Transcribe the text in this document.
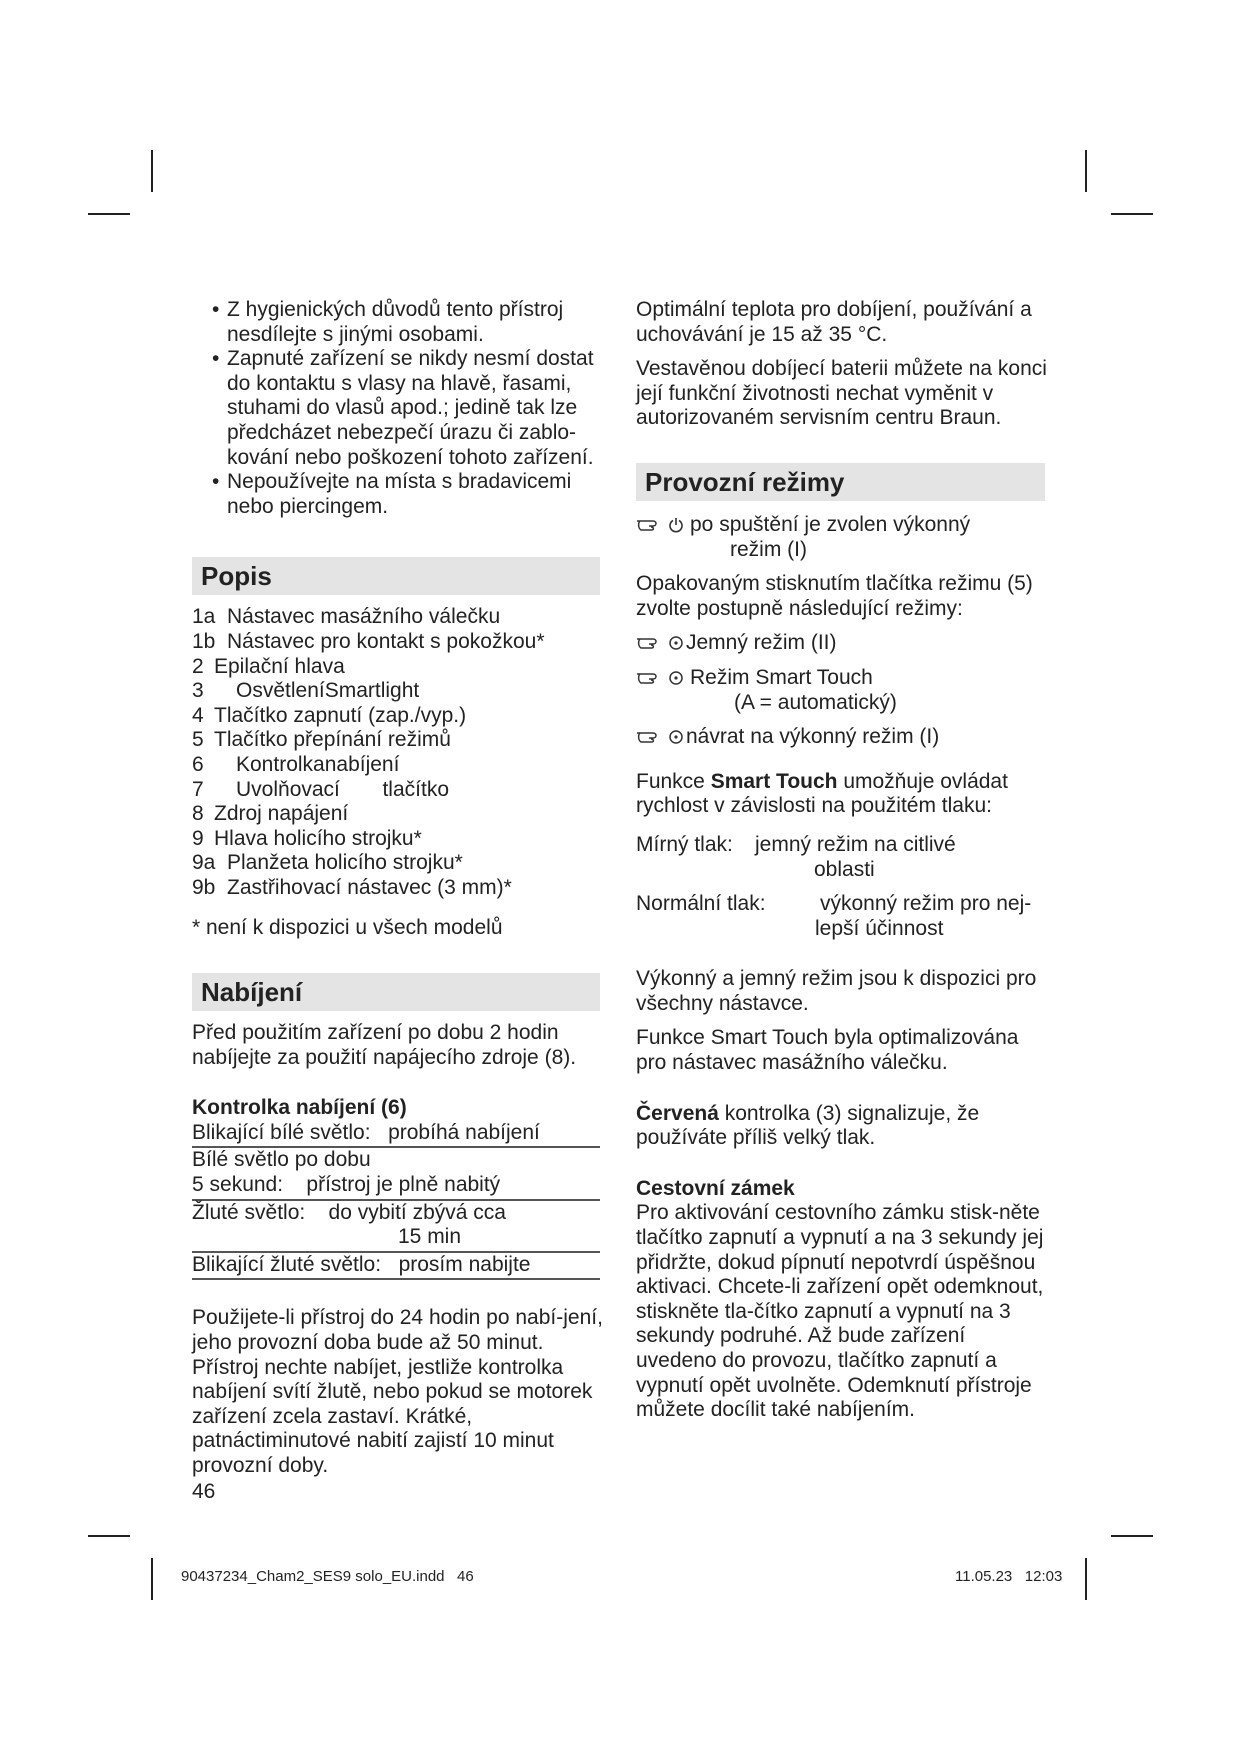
• Z hygienických důvodů tento přístroj nesdílejte s jinými osobami.
• Zapnuté zařízení se nikdy nesmí dostat do kontaktu s vlasy na hlavě, řasami, stuhami do vlasů apod.; jedině tak lze předcházet nebezpečí úrazu či zablo-kování nebo poškození tohoto zařízení.
• Nepoužívejte na místa s bradavicemi nebo piercingem.
Popis
1a Nástavec masážního válečku
1b Nástavec pro kontakt s pokožkou*
2 Epilační hlava
3	Osvětlení Smartlight
4 Tlačítko zapnutí (zap./vyp.)
5 Tlačítko přepínání režimů
6	Kontrolka nabíjení
7	Uvolňovací tlačítko
8 Zdroj napájení
9 Hlava holicího strojku*
9a Planžeta holicího strojku*
9b Zastřihovací nástavec (3 mm)*

* není k dispozici u všech modelů

Nabíjení

Před použitím zařízení po dobu 2 hodin nabíjejte za použití napájecího zdroje (8).

Kontrolka nabíjení (6)

Blikající bílé světlo:   probíhá nabíjení
Bílé světlo po dobu
5 sekund:    přístroj je plně nabitý
Žluté světlo:    do vybití zbývá cca
15 min
Blikající žluté světlo:   prosím nabijte

Použijete-li přístroj do 24 hodin po nabí-jení, jeho provozní doba bude až 50 minut. Přístroj nechte nabíjet, jestliže kontrolka nabíjení svítí žlutě, nebo pokud se motorek zařízení zcela zastaví. Krátké, patnáctiminutové nabití zajistí 10 minut provozní doby.

46

Optimální teplota pro dobíjení, používání a uchovávání je 15 až 35 °C.

Vestavěnou dobíjecí baterii můžete na konci její funkční životnosti nechat vyměnit v autorizovaném servisním centru Braun.

Provozní režimy
po spuštění je zvolen výkonný
režim (I)

Opakovaným stisknutím tlačítka režimu (5) zvolte postupně následující režimy:

Jemný režim (II)
Režim Smart Touch
(A = automatický)
návrat na výkonný režim (I)

Funkce Smart Touch umožňuje ovládat rychlost v závislosti na použitém tlaku:

Mírný tlak:	jemný režim na citlivé
oblasti
Normální tlak:	výkonný režim pro nej-
lepší účinnost

Výkonný a jemný režim jsou k dispozici pro všechny nástavce.

Funkce Smart Touch byla optimalizována pro nástavec masážního válečku.

Červená kontrolka (3) signalizuje, že používáte příliš velký tlak.

Cestovní zámek

Pro aktivování cestovního zámku stisk-něte tlačítko zapnutí a vypnutí a na 3 sekundy jej přidržte, dokud pípnutí nepotvrdí úspěšnou aktivaci. Chcete-li zařízení opět odemknout, stiskněte tla-čítko zapnutí a vypnutí na 3 sekundy podruhé. Až bude zařízení uvedeno do provozu, tlačítko zapnutí a vypnutí opět uvolněte. Odemknutí přístroje můžete docílit také nabíjením.

90437234_Cham2_SES9 solo_EU.indd   46	11.05.23   12:03
